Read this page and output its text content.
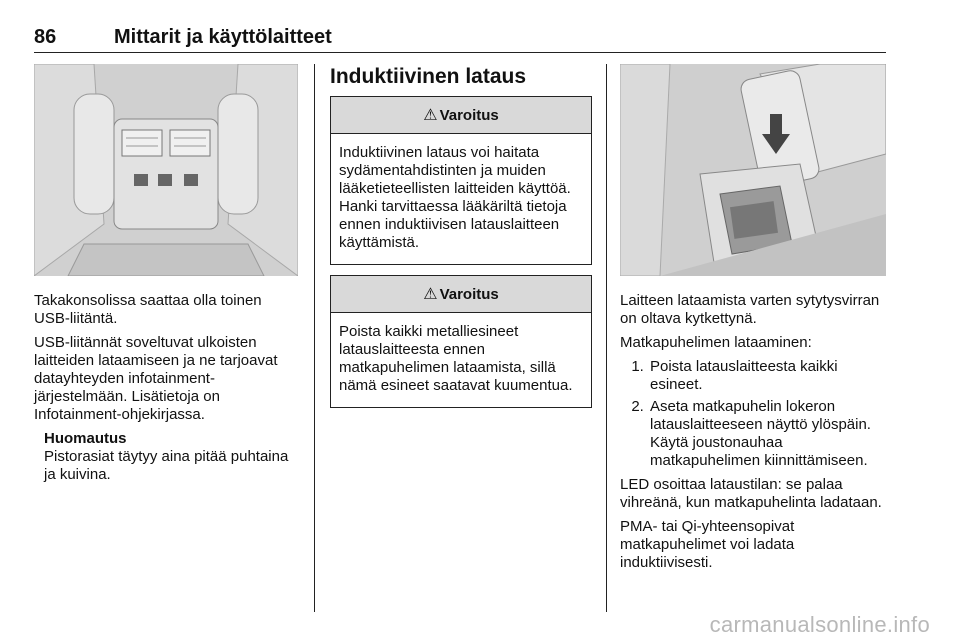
86	Mittarit ja käyttölaitteet

Takakonsolissa saattaa olla toinen USB-liitäntä.

USB-liitännät soveltuvat ulkoisten laitteiden lataamiseen ja ne tarjoavat datayhteyden infotainment-järjestelmään. Lisätietoja on Infotainment-ohjekirjassa.

Huomautus
Pistorasiat täytyy aina pitää puhtaina ja kuivina.
Induktiivinen lataus
⚠ Varoitus
Induktiivinen lataus voi haitata sydämentahdistinten ja muiden lääketieteellisten laitteiden käyttöä. Hanki tarvittaessa lääkäriltä tietoja ennen induktiivisen latauslaitteen käyttämistä.
⚠ Varoitus
Poista kaikki metalliesineet latauslaitteesta ennen matkapuhelimen lataamista, sillä nämä esineet saatavat kuumentua.

Laitteen lataamista varten sytytysvirran on oltava kytkettynä.

Matkapuhelimen lataaminen:

1. Poista latauslaitteesta kaikki esineet.
2. Aseta matkapuhelin lokeron latauslaitteeseen näyttö ylöspäin. Käytä joustonauhaa matkapuhelimen kiinnittämiseen.

LED osoittaa lataustilan: se palaa vihreänä, kun matkapuhelinta ladataan.

PMA- tai Qi-yhteensopivat matkapuhelimet voi ladata induktiivisesti.

carmanualsonline.info
